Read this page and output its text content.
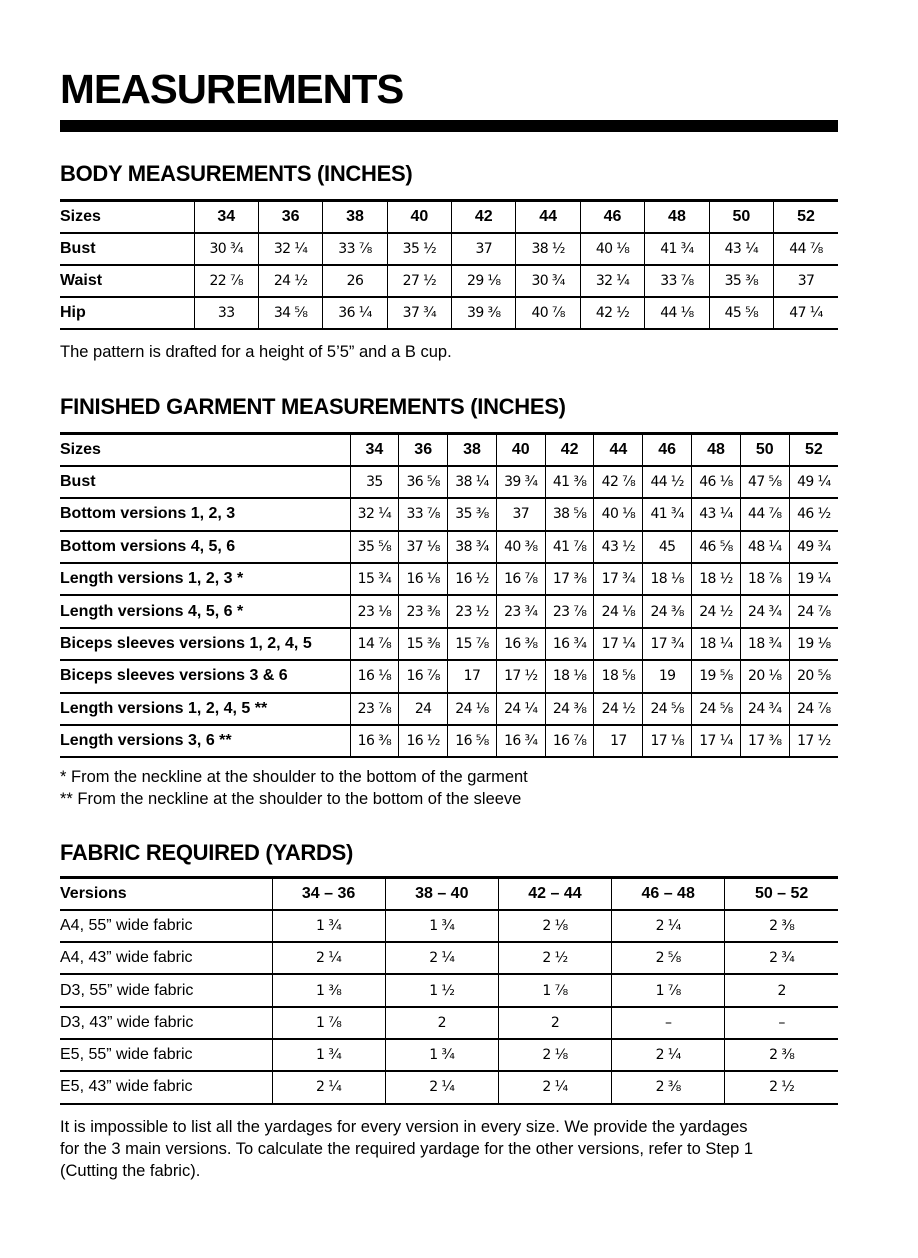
MEASUREMENTS
BODY MEASUREMENTS (INCHES)
Sizes	34	36	38	40	42	44	46	48	50	52
Bust	30 ¾	32 ¼	33 ⅞	35 ½	37	38 ½	40 ⅛	41 ¾	43 ¼	44 ⅞
Waist	22 ⅞	24 ½	26	27 ½	29 ⅛	30 ¾	32 ¼	33 ⅞	35 ⅜	37
Hip	33	34 ⅝	36 ¼	37 ¾	39 ⅜	40 ⅞	42 ½	44 ⅛	45 ⅝	47 ¼

The pattern is drafted for a height of 5’5” and a B cup.

FINISHED GARMENT MEASUREMENTS (INCHES)
Sizes	34	36	38	40	42	44	46	48	50	52
Bust	35	36 ⅝	38 ¼	39 ¾	41 ⅜	42 ⅞	44 ½	46 ⅛	47 ⅝	49 ¼
Bottom versions 1, 2, 3	32 ¼	33 ⅞	35 ⅜	37	38 ⅝	40 ⅛	41 ¾	43 ¼	44 ⅞	46 ½
Bottom versions 4, 5, 6	35 ⅝	37 ⅛	38 ¾	40 ⅜	41 ⅞	43 ½	45	46 ⅝	48 ¼	49 ¾
Length versions 1, 2, 3 *	15 ¾	16 ⅛	16 ½	16 ⅞	17 ⅜	17 ¾	18 ⅛	18 ½	18 ⅞	19 ¼
Length versions 4, 5, 6 *	23 ⅛	23 ⅜	23 ½	23 ¾	23 ⅞	24 ⅛	24 ⅜	24 ½	24 ¾	24 ⅞
Biceps sleeves versions 1, 2, 4, 5	14 ⅞	15 ⅜	15 ⅞	16 ⅜	16 ¾	17 ¼	17 ¾	18 ¼	18 ¾	19 ⅛
Biceps sleeves versions 3 & 6	16 ⅛	16 ⅞	17	17 ½	18 ⅛	18 ⅝	19	19 ⅝	20 ⅛	20 ⅝
Length versions 1, 2, 4, 5 **	23 ⅞	24	24 ⅛	24 ¼	24 ⅜	24 ½	24 ⅝	24 ⅝	24 ¾	24 ⅞
Length versions 3, 6 **	16 ⅜	16 ½	16 ⅝	16 ¾	16 ⅞	17	17 ⅛	17 ¼	17 ⅜	17 ½

* From the neckline at the shoulder to the bottom of the garment

** From the neckline at the shoulder to the bottom of the sleeve

FABRIC REQUIRED (YARDS)
Versions	34 – 36	38 – 40	42 – 44	46 – 48	50 – 52
A4, 55” wide fabric	1 ¾	1 ¾	2 ⅛	2 ¼	2 ⅜
A4, 43” wide fabric	2 ¼	2 ¼	2 ½	2 ⅝	2 ¾
D3, 55” wide fabric	1 ⅜	1 ½	1 ⅞	1 ⅞	2
D3, 43” wide fabric	1 ⅞	2	2	–	–
E5, 55” wide fabric	1 ¾	1 ¾	2 ⅛	2 ¼	2 ⅜
E5, 43” wide fabric	2 ¼	2 ¼	2 ¼	2 ⅜	2 ½

It is impossible to list all the yardages for every version in every size. We provide the yardages

for the 3 main versions. To calculate the required yardage for the other versions, refer to Step 1

(Cutting the fabric).
